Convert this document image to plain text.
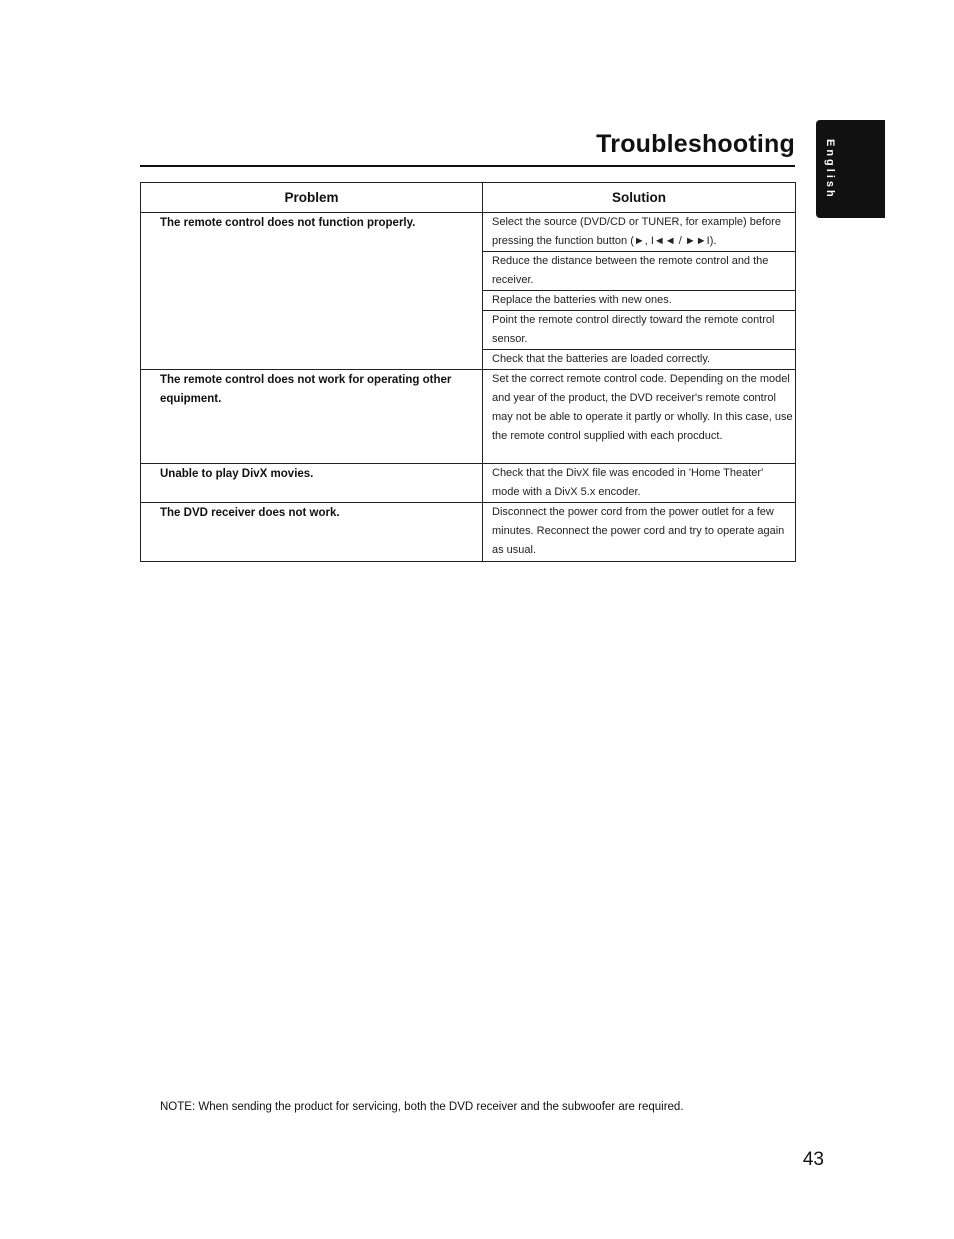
Troubleshooting	English
Problem	Solution
The remote control does not function properly.	Select the source (DVD/CD or TUNER, for example) before pressing the function button (►, I◄◄ / ►►I).
	Reduce the distance between the remote control and the receiver.
	Replace the batteries with new ones.
	Point the remote control directly toward the remote control sensor.
	Check that the batteries are loaded correctly.
The remote control does not work for operating other equipment.	Set the correct remote control code. Depending on the model and year of the product, the DVD receiver's remote control may not be able to operate it partly or wholly. In this case, use the remote control supplied with each procduct.
Unable to play DivX movies.	Check that the DivX file was encoded in 'Home Theater' mode with a DivX 5.x encoder.
The DVD receiver does not work.	Disconnect the power cord from the power outlet for a few minutes. Reconnect the power cord and try to operate again as usual.
NOTE: When sending the product for servicing, both the DVD receiver and the subwoofer are required.
43
